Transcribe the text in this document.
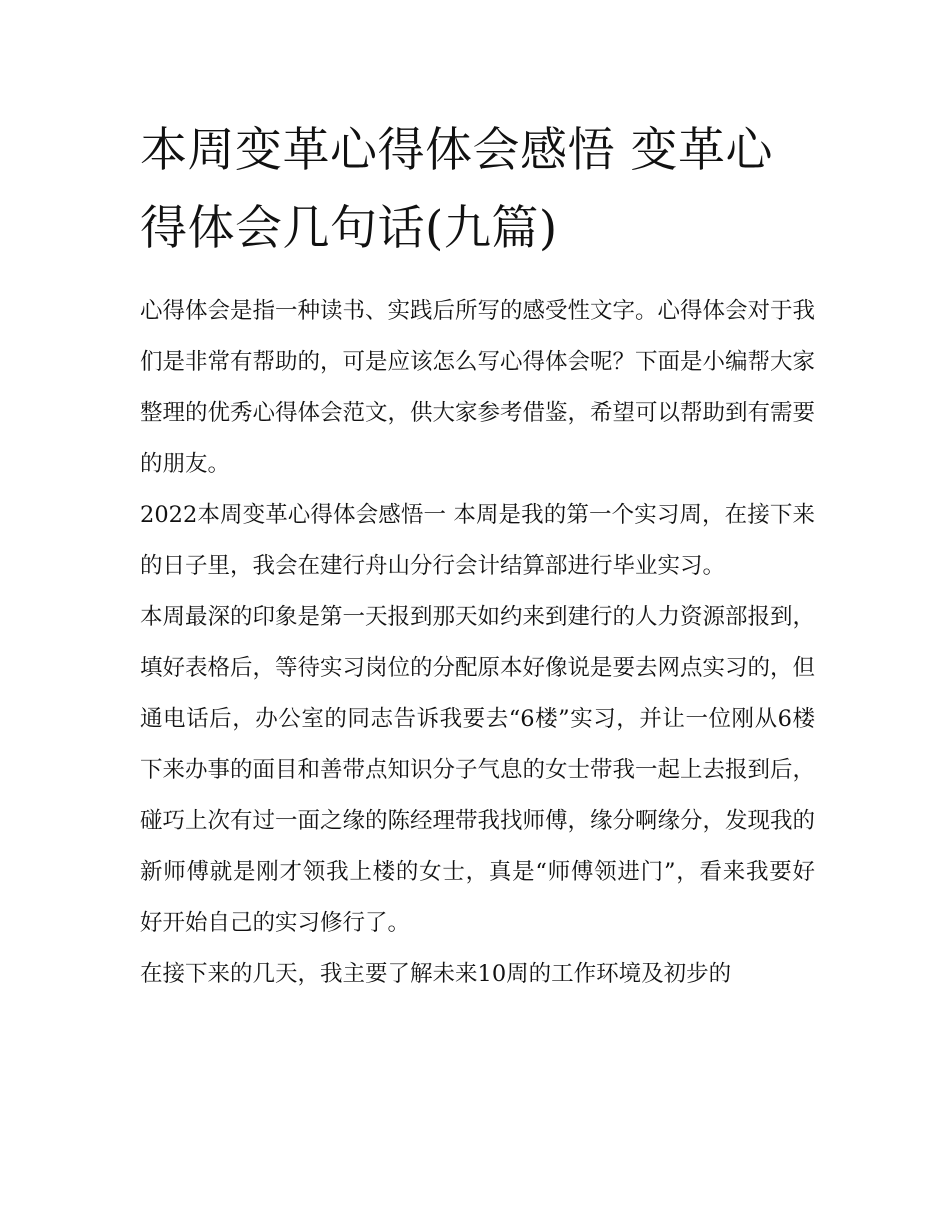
本周变革心得体会感悟 变革心得体会几句话(九篇)

心得体会是指一种读书、实践后所写的感受性文字。心得体会对于我们是非常有帮助的，可是应该怎么写心得体会呢？下面是小编帮大家整理的优秀心得体会范文，供大家参考借鉴，希望可以帮助到有需要的朋友。

2022本周变革心得体会感悟一 本周是我的第一个实习周，在接下来的日子里，我会在建行舟山分行会计结算部进行毕业实习。

本周最深的印象是第一天报到那天如约来到建行的人力资源部报到，填好表格后，等待实习岗位的分配原本好像说是要去网点实习的，但通电话后，办公室的同志告诉我要去“6楼”实习，并让一位刚从6楼下来办事的面目和善带点知识分子气息的女士带我一起上去报到后，碰巧上次有过一面之缘的陈经理带我找师傅，缘分啊缘分，发现我的新师傅就是刚才领我上楼的女士，真是“师傅领进门”，看来我要好好开始自己的实习修行了。

在接下来的几天，我主要了解未来10周的工作环境及初步的
